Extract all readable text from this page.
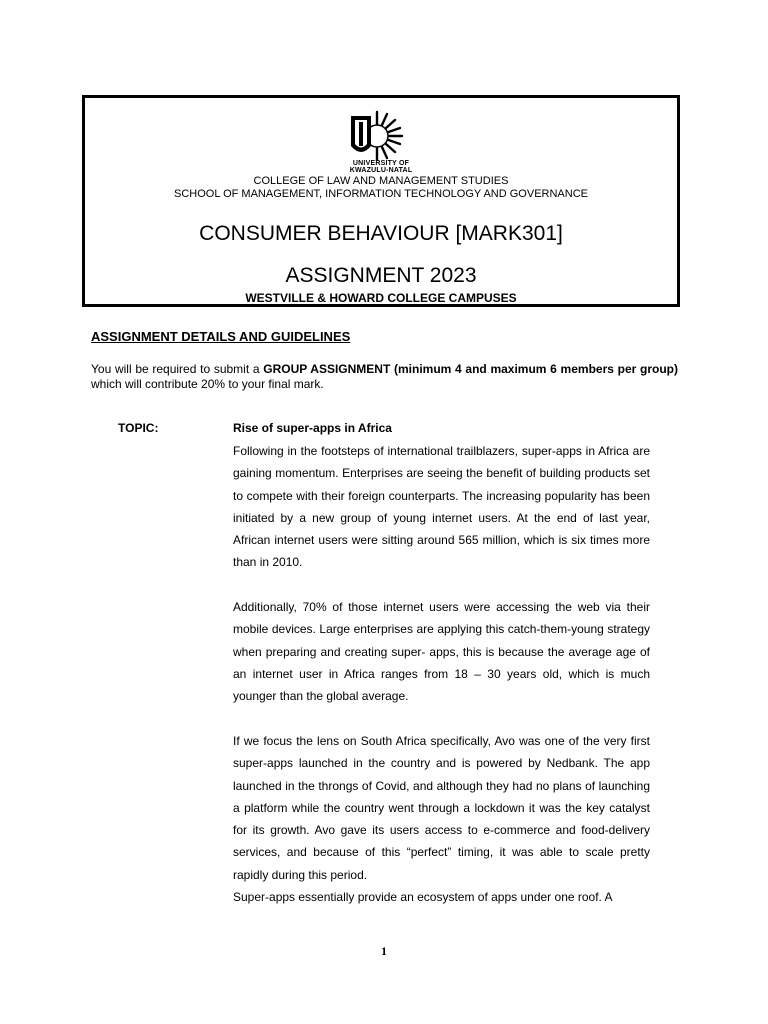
UNIVERSITY OF
KWAZULU-NATAL
COLLEGE OF LAW AND MANAGEMENT STUDIES
SCHOOL OF MANAGEMENT, INFORMATION TECHNOLOGY AND GOVERNANCE
CONSUMER BEHAVIOUR [MARK301]
ASSIGNMENT 2023
WESTVILLE & HOWARD COLLEGE CAMPUSES
ASSIGNMENT DETAILS AND GUIDELINES
You will be required to submit a GROUP ASSIGNMENT (minimum 4 and maximum 6 members per group) which will contribute 20% to your final mark.
TOPIC:	Rise of super-apps in Africa
Following in the footsteps of international trailblazers, super-apps in Africa are gaining momentum. Enterprises are seeing the benefit of building products set to compete with their foreign counterparts. The increasing popularity has been initiated by a new group of young internet users. At the end of last year, African internet users were sitting around 565 million, which is six times more than in 2010.
Additionally, 70% of those internet users were accessing the web via their mobile devices. Large enterprises are applying this catch-them-young strategy when preparing and creating super- apps, this is because the average age of an internet user in Africa ranges from 18 – 30 years old, which is much younger than the global average.
If we focus the lens on South Africa specifically, Avo was one of the very first super-apps launched in the country and is powered by Nedbank. The app launched in the throngs of Covid, and although they had no plans of launching a platform while the country went through a lockdown it was the key catalyst for its growth. Avo gave its users access to e-commerce and food-delivery services, and because of this “perfect” timing, it was able to scale pretty rapidly during this period.
Super-apps essentially provide an ecosystem of apps under one roof. A
1
